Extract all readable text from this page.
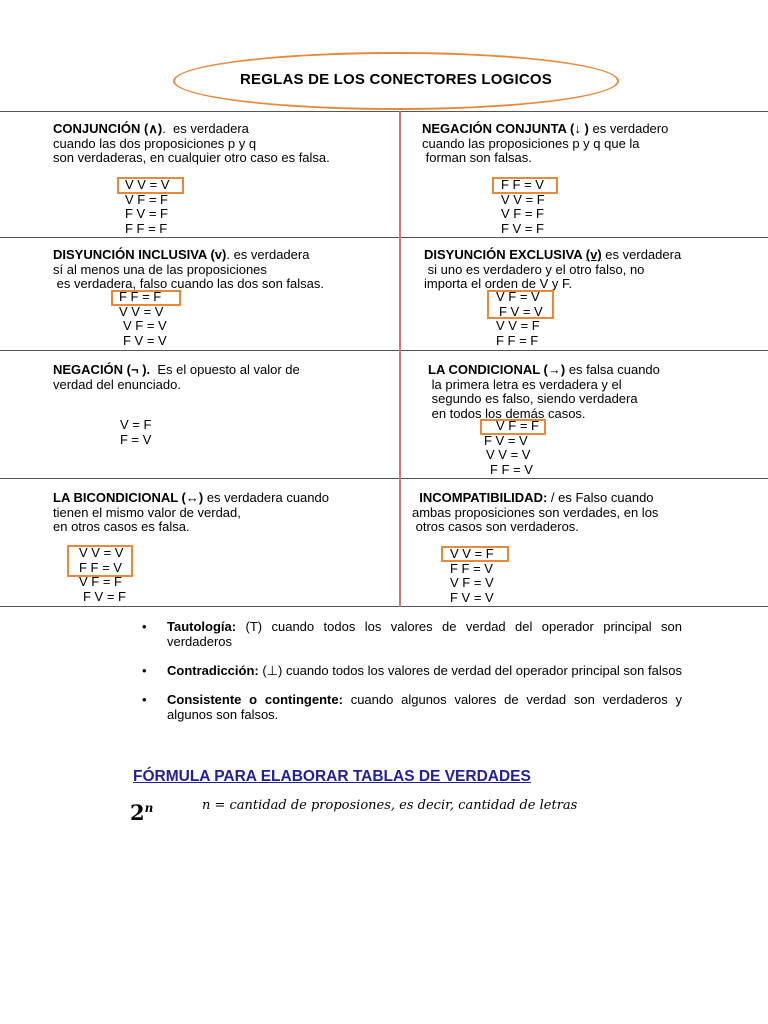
REGLAS DE LOS CONECTORES LOGICOS

CONJUNCIÓN (∧).  es verdadera

cuando las dos proposiciones p y q

son verdaderas, en cualquier otro caso es falsa.

V V = V
V F = F
F V = F
F F = F

NEGACIÓN CONJUNTA (↓ ) es verdadero

cuando las proposiciones p y q que la

forman son falsas.

F F = V
V V = F
V F = F
F V = F

DISYUNCIÓN INCLUSIVA (v). es verdadera

sí al menos una de las proposiciones

es verdadera, falso cuando las dos son falsas.

F F = F
V V = V
V F = V
F V = V

DISYUNCIÓN EXCLUSIVA (v) es verdadera

si uno es verdadero y el otro falso, no

importa el orden de V y F.

V F = V
F V = V
V V = F
F F = F

NEGACIÓN (¬ ).  Es el opuesto al valor de

verdad del enunciado.

V = F
F = V

LA CONDICIONAL (→) es falsa cuando

la primera letra es verdadera y el

segundo es falso, siendo verdadera

en todos los demás casos.

V F = F
F V = V
V V = V
F F = V

LA BICONDICIONAL (↔) es verdadera cuando

tienen el mismo valor de verdad,

en otros casos es falsa.

V V = V
F F = V
V F = F
F V = F

INCOMPATIBILIDAD: / es Falso cuando

ambas proposiciones son verdades, en los

otros casos son verdaderos.

V V = F
F F = V
V F = V
F V = V
• Tautología: (T) cuando todos los valores de verdad del operador principal son verdaderos
• Contradicción: (⊥) cuando todos los valores de verdad del operador principal son falsos
• Consistente o contingente: cuando algunos valores de verdad son verdaderos y algunos son falsos.
FÓRMULA PARA ELABORAR TABLAS DE VERDADES
2$^n$	n = cantidad de proposiones, es decir, cantidad de letras
